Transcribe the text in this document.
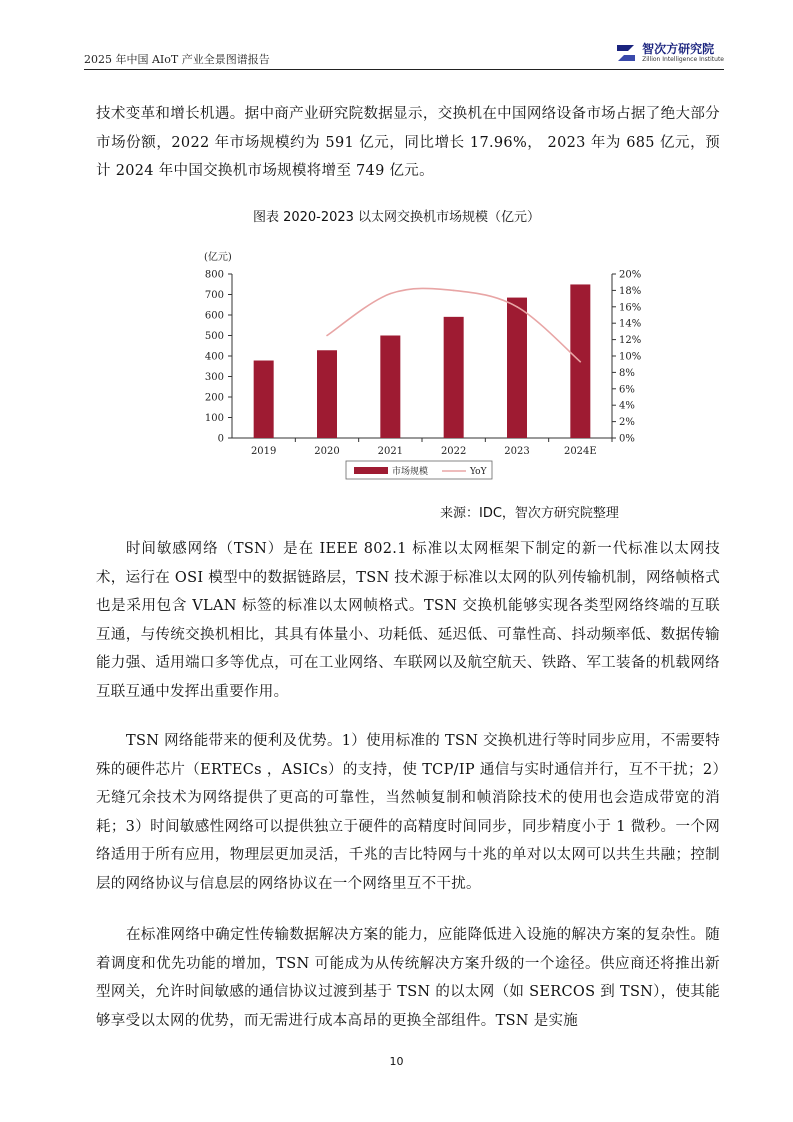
2025 年中国 AIoT 产业全景图谱报告
智次方研究院
Zillion Intelligence Institute

技术变革和增长机遇。据中商产业研究院数据显示，交换机在中国网络设备市场占据了绝大部分市场份额，2022 年市场规模约为 591 亿元，同比增长 17.96%， 2023 年为 685 亿元，预计 2024 年中国交换机市场规模将增至 749 亿元。

图表 2020-2023 以太网交换机市场规模（亿元）
0
100
200
300
400
500
600
700
800
(亿元)
0%
2%
4%
6%
8%
10%
12%
14%
16%
18%
20%
2019	2020	2021	2022	2023	2024E
市场规模	YoY
来源：IDC，智次方研究院整理

时间敏感网络（TSN）是在 IEEE 802.1 标准以太网框架下制定的新一代标准以太网技术，运行在 OSI 模型中的数据链路层，TSN 技术源于标准以太网的队列传输机制，网络帧格式也是采用包含 VLAN 标签的标准以太网帧格式。TSN 交换机能够实现各类型网络终端的互联互通，与传统交换机相比，其具有体量小、功耗低、延迟低、可靠性高、抖动频率低、数据传输能力强、适用端口多等优点，可在工业网络、车联网以及航空航天、铁路、军工装备的机载网络互联互通中发挥出重要作用。

TSN 网络能带来的便利及优势。1）使用标准的 TSN 交换机进行等时同步应用，不需要特殊的硬件芯片（ERTECs ，ASICs）的支持，使 TCP/IP 通信与实时通信并行，互不干扰；2）无缝冗余技术为网络提供了更高的可靠性，当然帧复制和帧消除技术的使用也会造成带宽的消耗；3）时间敏感性网络可以提供独立于硬件的高精度时间同步，同步精度小于 1 微秒。一个网络适用于所有应用，物理层更加灵活，千兆的吉比特网与十兆的单对以太网可以共生共融；控制层的网络协议与信息层的网络协议在一个网络里互不干扰。

在标准网络中确定性传输数据解决方案的能力，应能降低进入设施的解决方案的复杂性。随着调度和优先功能的增加，TSN 可能成为从传统解决方案升级的一个途径。供应商还将推出新型网关，允许时间敏感的通信协议过渡到基于 TSN 的以太网（如 SERCOS 到 TSN），使其能够享受以太网的优势，而无需进行成本高昂的更换全部组件。TSN 是实施

10
